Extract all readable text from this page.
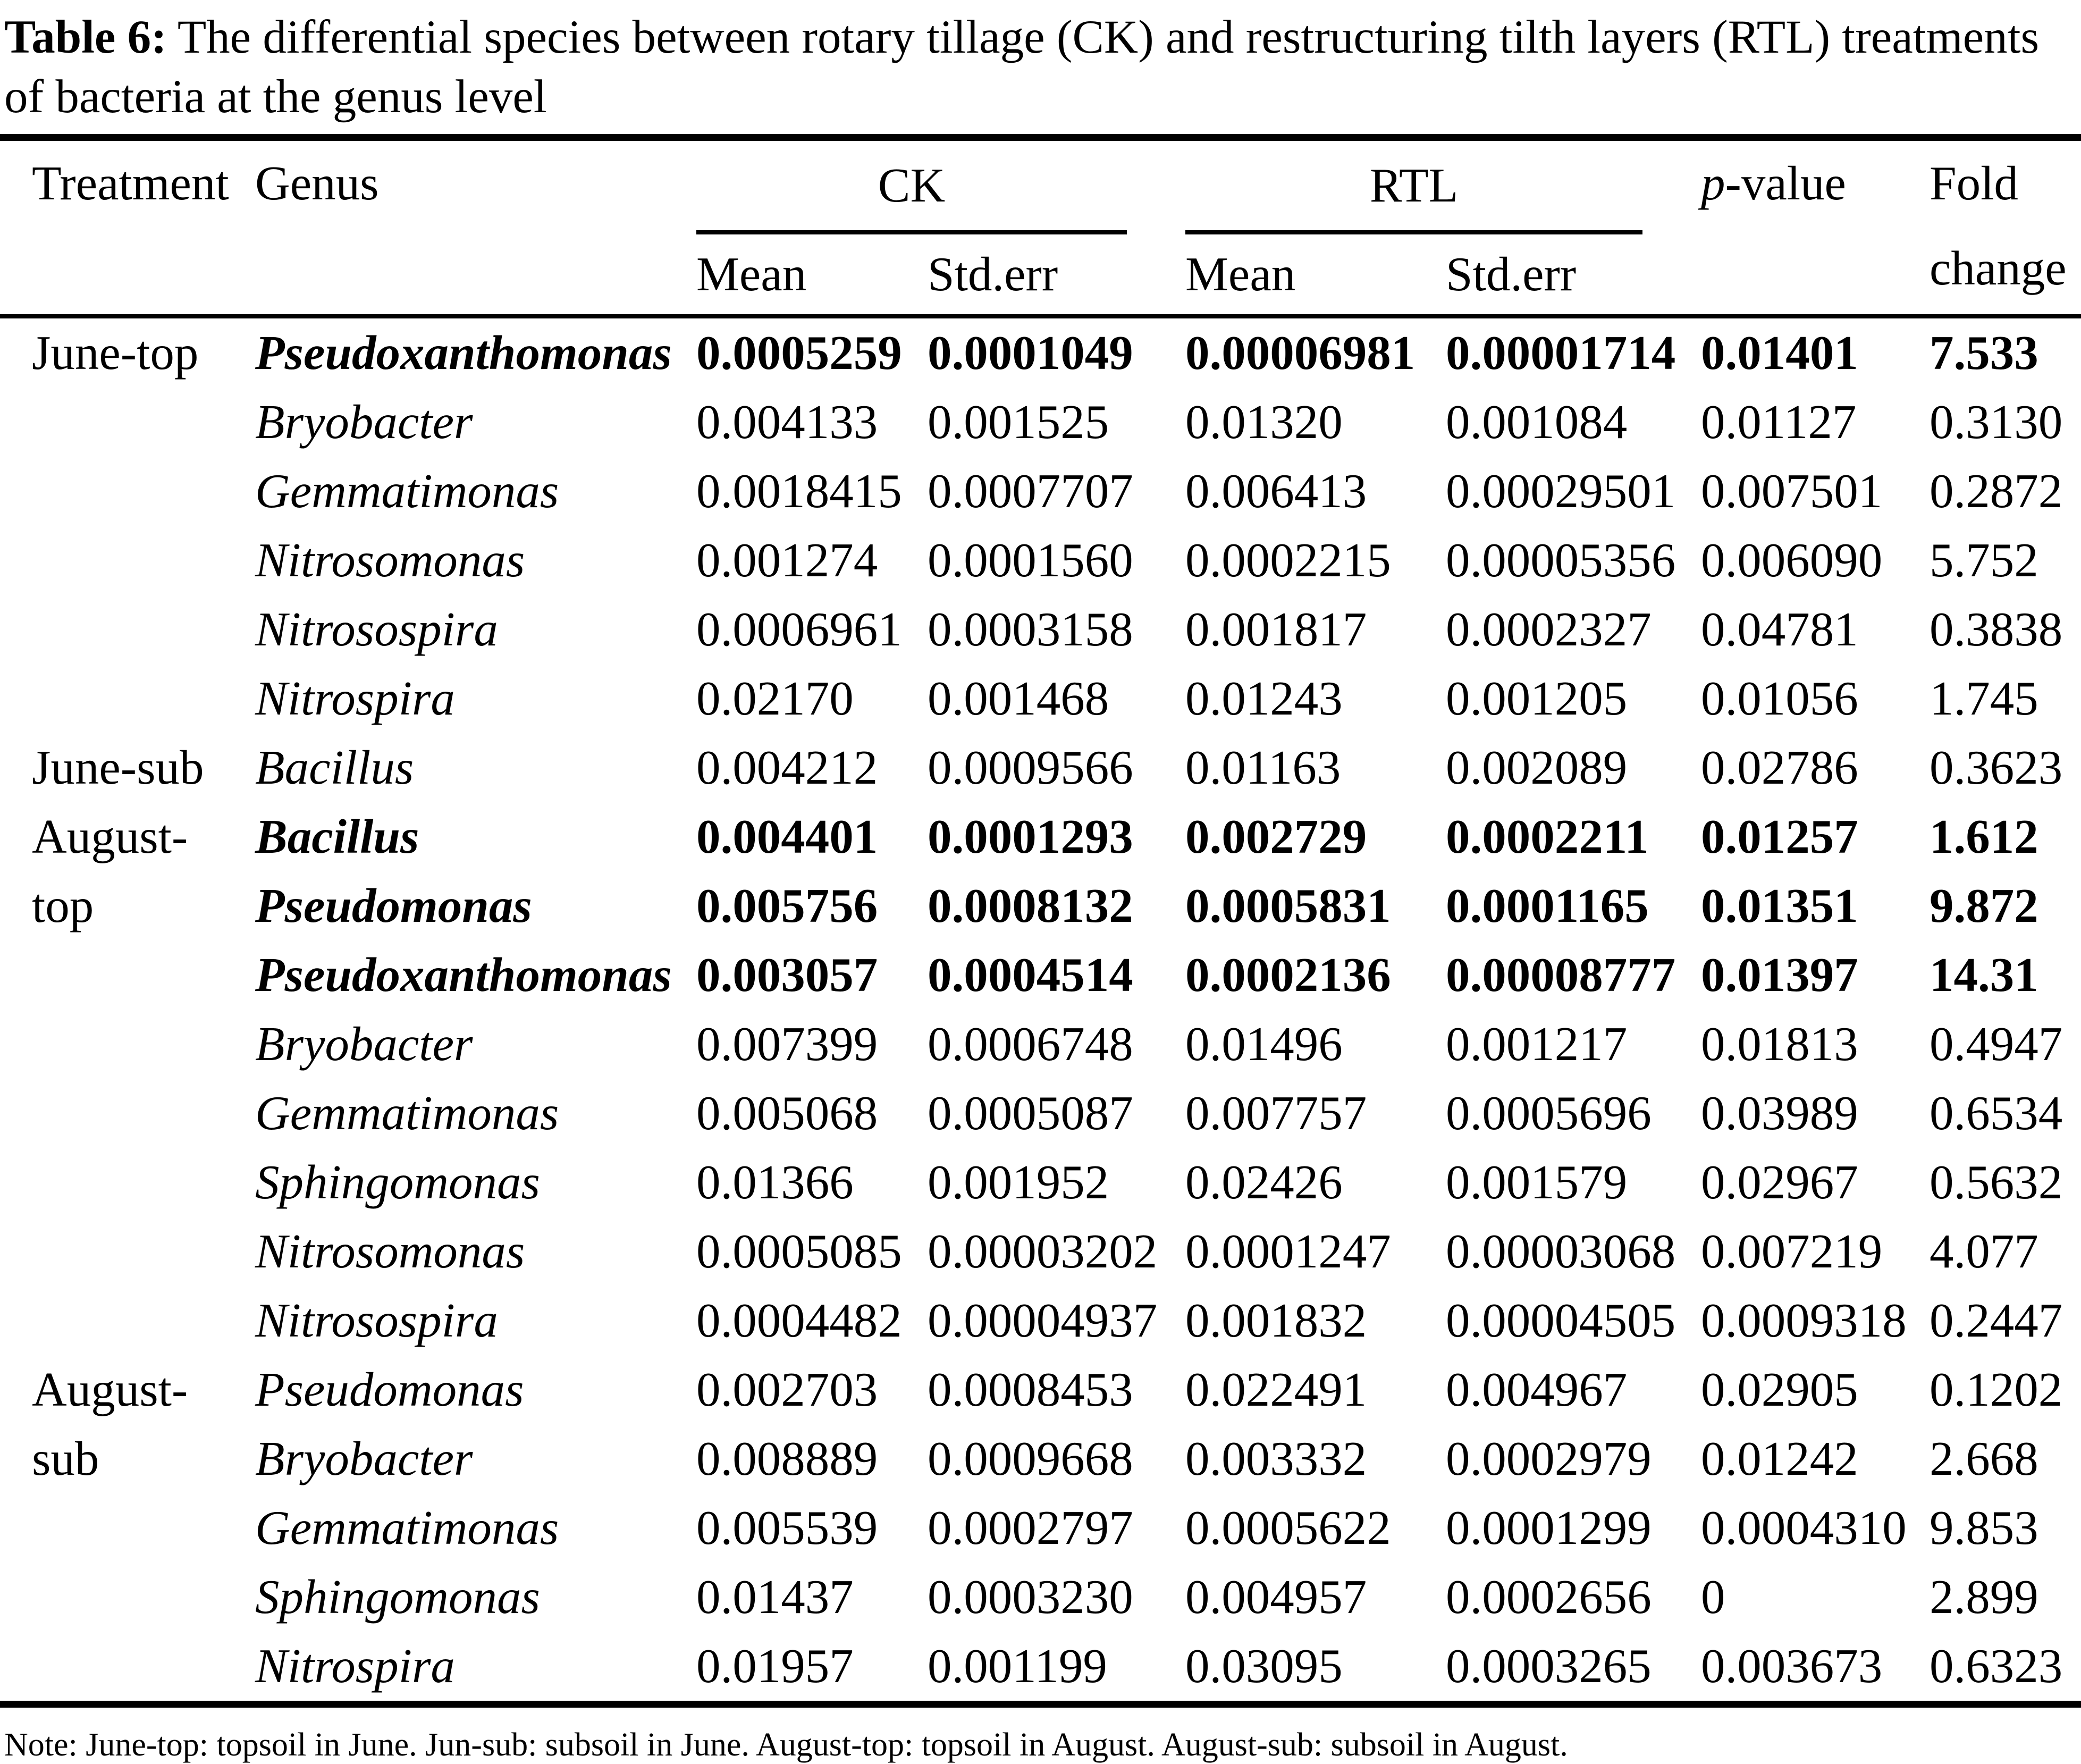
Table 6: The differential species between rotary tillage (CK) and restructuring tilth layers (RTL) treatments of bacteria at the genus level

Treatment	Genus	CK		RTL		p-value	Fold change
		Mean	Std.err	Mean	Std.err		
June-top	Pseudoxanthomonas	0.0005259	0.0001049	0.00006981	0.00001714	0.01401	7.533
	Bryobacter	0.004133	0.001525	0.01320	0.001084	0.01127	0.3130
	Gemmatimonas	0.0018415	0.0007707	0.006413	0.00029501	0.007501	0.2872
	Nitrosomonas	0.001274	0.0001560	0.0002215	0.00005356	0.006090	5.752
	Nitrosospira	0.0006961	0.0003158	0.001817	0.0002327	0.04781	0.3838
	Nitrospira	0.02170	0.001468	0.01243	0.001205	0.01056	1.745
June-sub	Bacillus	0.004212	0.0009566	0.01163	0.002089	0.02786	0.3623
August-top	Bacillus	0.004401	0.0001293	0.002729	0.0002211	0.01257	1.612
	Pseudomonas	0.005756	0.0008132	0.0005831	0.0001165	0.01351	9.872
	Pseudoxanthomonas	0.003057	0.0004514	0.0002136	0.00008777	0.01397	14.31
	Bryobacter	0.007399	0.0006748	0.01496	0.001217	0.01813	0.4947
	Gemmatimonas	0.005068	0.0005087	0.007757	0.0005696	0.03989	0.6534
	Sphingomonas	0.01366	0.001952	0.02426	0.001579	0.02967	0.5632
	Nitrosomonas	0.0005085	0.00003202	0.0001247	0.00003068	0.007219	4.077
	Nitrosospira	0.0004482	0.00004937	0.001832	0.00004505	0.0009318	0.2447
August-sub	Pseudomonas	0.002703	0.0008453	0.022491	0.004967	0.02905	0.1202
	Bryobacter	0.008889	0.0009668	0.003332	0.0002979	0.01242	2.668
	Gemmatimonas	0.005539	0.0002797	0.0005622	0.0001299	0.0004310	9.853
	Sphingomonas	0.01437	0.0003230	0.004957	0.0002656	0	2.899
	Nitrospira	0.01957	0.001199	0.03095	0.0003265	0.003673	0.6323

Note: June-top: topsoil in June. Jun-sub: subsoil in June. August-top: topsoil in August. August-sub: subsoil in August.
